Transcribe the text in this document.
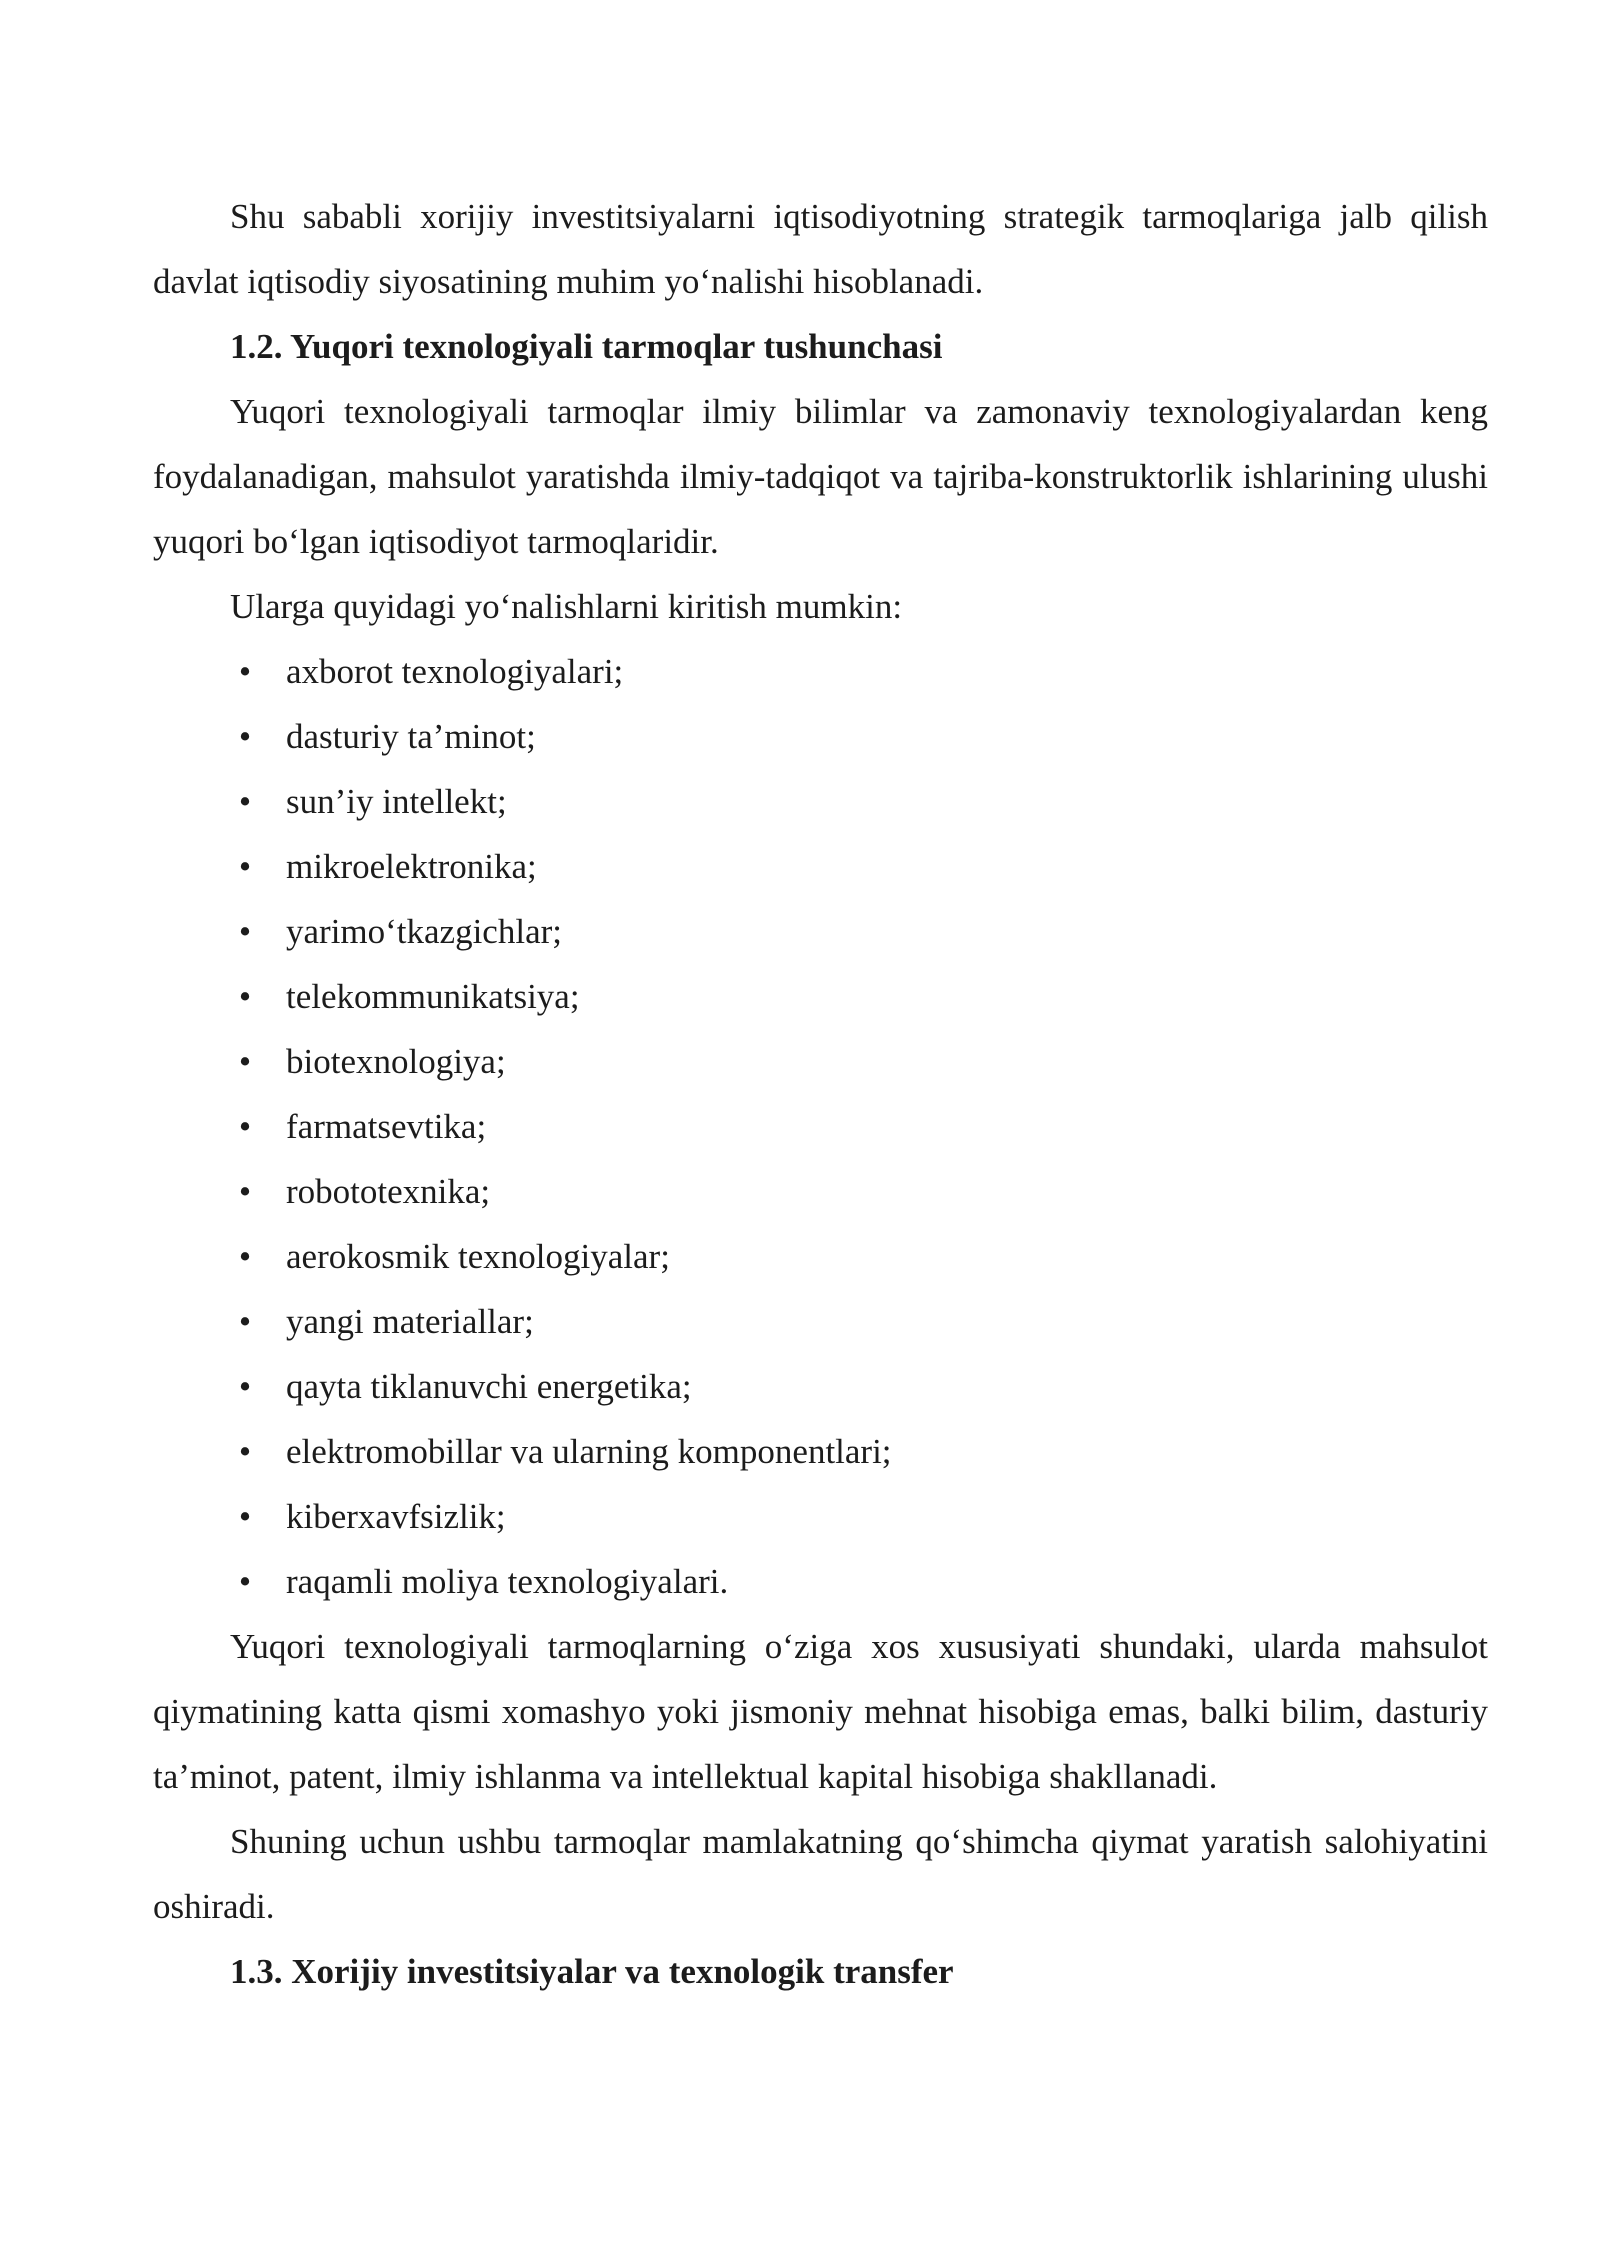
Shu sababli xorijiy investitsiyalarni iqtisodiyotning strategik tarmoqlariga jalb qilish davlat iqtisodiy siyosatining muhim yo‘nalishi hisoblanadi.

1.2. Yuqori texnologiyali tarmoqlar tushunchasi

Yuqori texnologiyali tarmoqlar ilmiy bilimlar va zamonaviy texnologiyalardan keng foydalanadigan, mahsulot yaratishda ilmiy-tadqiqot va tajriba-konstruktorlik ishlarining ulushi yuqori bo‘lgan iqtisodiyot tarmoqlaridir.

Ularga quyidagi yo‘nalishlarni kiritish mumkin:

• axborot texnologiyalari;
• dasturiy ta’minot;
• sun’iy intellekt;
• mikroelektronika;
• yarimo‘tkazgichlar;
• telekommunikatsiya;
• biotexnologiya;
• farmatsevtika;
• robototexnika;
• aerokosmik texnologiyalar;
• yangi materiallar;
• qayta tiklanuvchi energetika;
• elektromobillar va ularning komponentlari;
• kiberxavfsizlik;
• raqamli moliya texnologiyalari.

Yuqori texnologiyali tarmoqlarning o‘ziga xos xususiyati shundaki, ularda mahsulot qiymatining katta qismi xomashyo yoki jismoniy mehnat hisobiga emas, balki bilim, dasturiy ta’minot, patent, ilmiy ishlanma va intellektual kapital hisobiga shakllanadi.

Shuning uchun ushbu tarmoqlar mamlakatning qo‘shimcha qiymat yaratish salohiyatini oshiradi.

1.3. Xorijiy investitsiyalar va texnologik transfer
